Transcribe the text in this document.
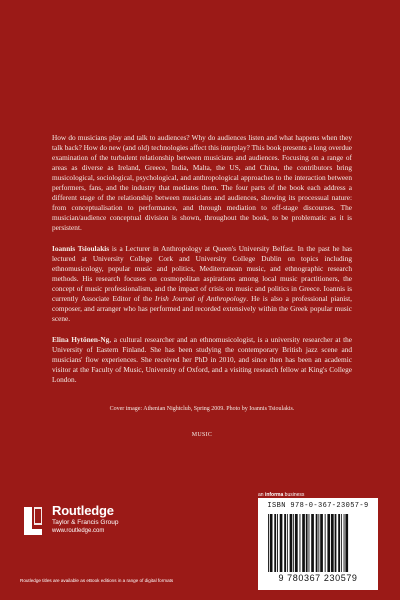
How do musicians play and talk to audiences? Why do audiences listen and what happens when they talk back? How do new (and old) technologies affect this interplay? This book presents a long overdue examination of the turbulent relationship between musicians and audiences. Focusing on a range of areas as diverse as Ireland, Greece, India, Malta, the US, and China, the contributors bring musicological, sociological, psychological, and anthropological approaches to the interaction between performers, fans, and the industry that mediates them. The four parts of the book each address a different stage of the relationship between musicians and audiences, showing its processual nature: from conceptualisation to performance, and through mediation to off-stage discourses. The musician/audience conceptual division is shown, throughout the book, to be problematic as it is persistent.

Ioannis Tsioulakis is a Lecturer in Anthropology at Queen's University Belfast. In the past he has lectured at University College Cork and University College Dublin on topics including ethnomusicology, popular music and politics, Mediterranean music, and ethnographic research methods. His research focuses on cosmopolitan aspirations among local music practitioners, the concept of music professionalism, and the impact of crisis on music and politics in Greece. Ioannis is currently Associate Editor of the Irish Journal of Anthropology. He is also a professional pianist, composer, and arranger who has performed and recorded extensively within the Greek popular music scene.

Elina Hytönen-Ng, a cultural researcher and an ethnomusicologist, is a university researcher at the University of Eastern Finland. She has been studying the contemporary British jazz scene and musicians' flow experiences. She received her PhD in 2010, and since then has been an academic visitor at the Faculty of Music, University of Oxford, and a visiting research fellow at King's College London.

Cover image: Athenian Nightclub, Spring 2009. Photo by Ioannis Tsioulakis.
MUSIC
an informa business
Routledge
Taylor & Francis Group
www.routledge.com
Routledge titles are available as eBook editions in a range of digital formats
ISBN 978-0-367-23057-9
9 780367 230579
